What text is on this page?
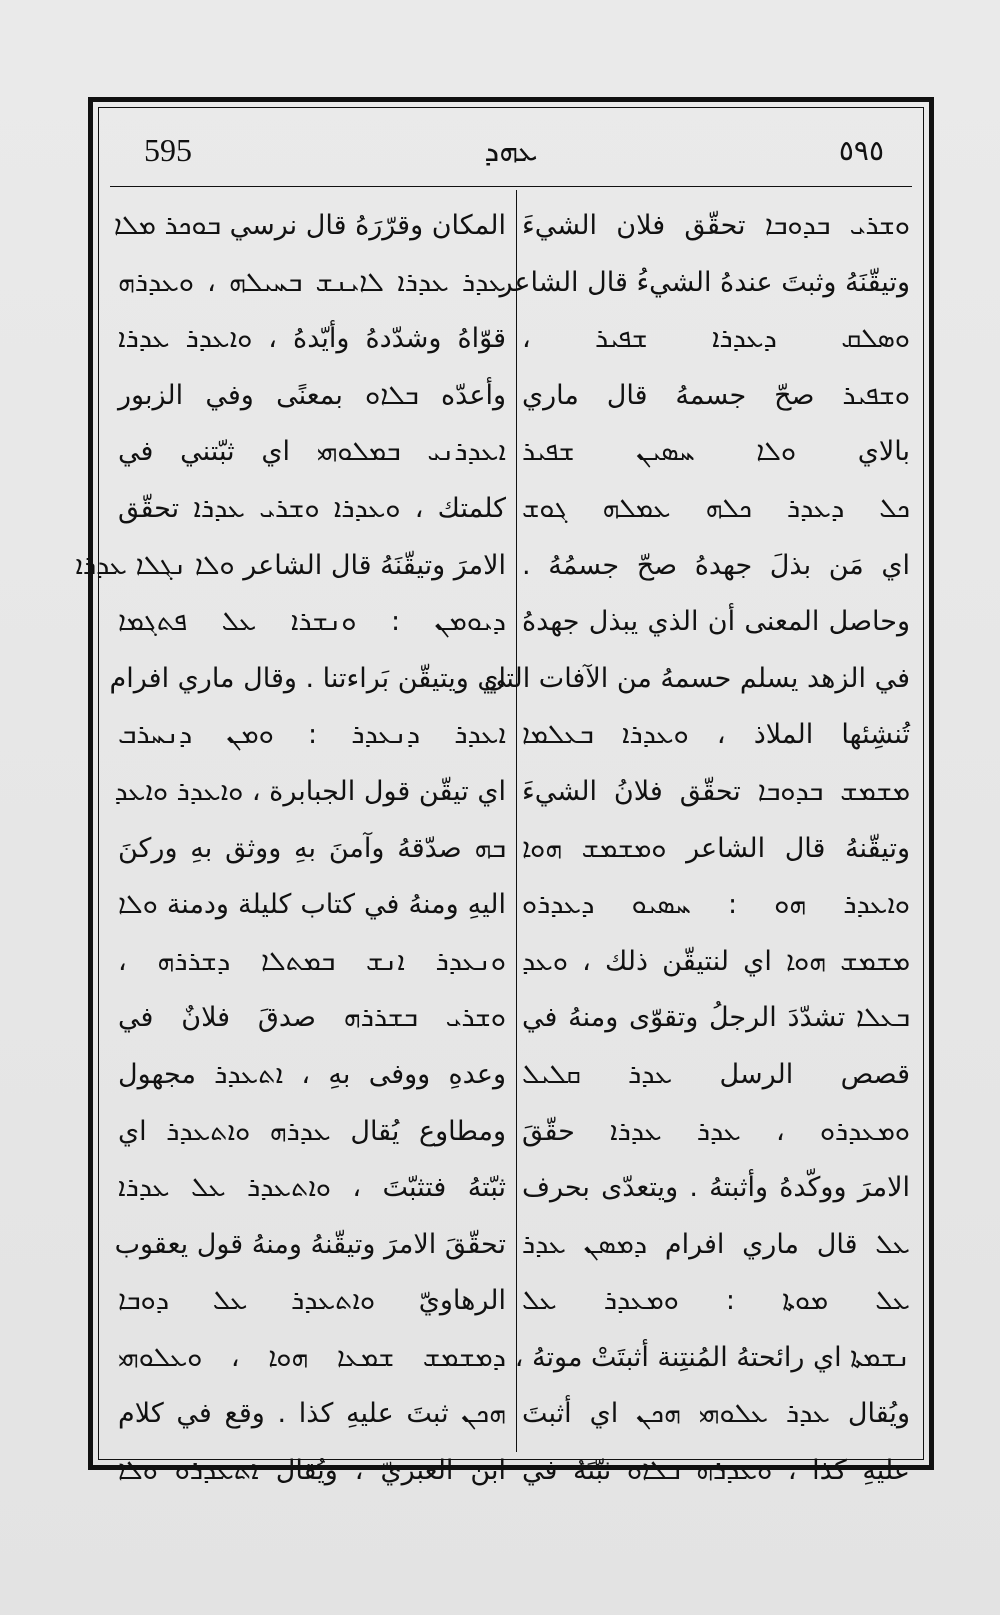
595	ܥܗܕ	٥٩٥
ܘܫܪܝ ܒܕܘܒܐ تحقّق فلان الشيءَ
وتيقّنَهُ وثبتَ عندهُ الشيءُ قال الشاعر
ܘܣܠܩ ܕܥܕܪܐ ܫܦܝܪ ،
ܘܫܦܝܪ صحّ جسمهُ قال ماري
بالاي ܘܠܐ ܚܣܝܢ ܫܦܝܪ
ܟܠ ܕܥܕܪ ܟܠܗ ܥܡܠܗ ܓܘܫ
اي مَن بذلَ جهدهُ صحّ جسمُهُ .
وحاصل المعنى أن الذي يبذل جهدهُ
في الزهد يسلم حسمهُ من الآفات التي
تُنشِئها الملاذ ، ܘܥܕܪܐ ܒܥܠܡܐ
ܡܫܡܫ ܒܕܘܒܐ تحقّق فلانُ الشيءَ
وتيقّنهُ قال الشاعر ܘܡܫܡܫ ܗܘܐ
ܘܐܥܕܪ ܗܘ : ܚܣܝܘ ܕܥܕܪܘ
ܡܫܡܫ ܗܘܐ اي لنتيقّن ذلك ، ܘܥܕ
ܒܥܠܐ تشدّدَ الرجلُ وتقوّى ومنهُ في
قصص الرسل ܥܕܪ ܩܠܝܠ
ܘܡܥܕܪܘ ، ܥܕܪ ܥܕܪܐ حقّقَ
الامرَ ووكّدهُ وأثبتهُ . ويتعدّى بحرف
ܥܠ قال ماري افرام ܕܡܣܢ ܥܕܪ
ܥܠ ܡܘܬܐ : ܘܡܥܕܪ ܥܠ
ܢܫܡܬܐ اي رائحتهُ المُنتِنة أثبتَتْ موتهُ ،
ويُقال ܥܕܪ ܥܠܘܗܝ ܗܟܢ اي أثبتَ
عليهِ كذا ، ܘܥܕܪܗ ܒܠܐܘ ثبّتَهُ في
المكان وقرّرَهُ قال نرسي ܒܘܟܪ ܡܠܐ
ܥܕܪ ܥܕܪܐ ܠܐܝܢܫ ܒܚܝܠܗ ، ܘܥܕܪܗ
قوّاهُ وشدّدهُ وأيّدهُ ، ܘܐܥܕܪ ܥܕܪܐ
وأعدّه ܒܠܐܘ بمعنًى وفي الزبور
ܐܥܕܪܢܝ ܒܡܠܘܗܝ اي ثبّتني في
كلمتك ، ܘܥܕܪܐ ܘܫܪܝ ܥܕܪܐ تحقّق
الامرَ وتيقّنَهُ قال الشاعر ܘܠܐ ܢܓܠܐ ܥܕܪܐ
ܕܝܘܡܢ : ܘܢܫܪܐ ܥܠ ܦܬܓܡܐ
اي ويتيقّن بَراءتنا . وقال ماري افرام
ܐܥܕܪ ܕܢܥܕܪ : ܘܡܢ ܕܢܚܪܒ
اي تيقّن قول الجبابرة ، ܘܐܥܕܪ ܘܐܥܕ
ܒܗ صدّقهُ وآمنَ بهِ ووثق بهِ وركنَ
اليهِ ومنهُ في كتاب كليلة ودمنة ܘܠܐ
ܘܢܥܕܪ ܐܢܫ ܒܡܬܠܐ ܕܫܪܪܗ ،
ܘܫܪܝ ܒܫܪܪܗ صدقَ فلانٌ في
وعدهِ ووفى بهِ ، ܐܬܥܕܪ مجهول
ومطاوع يُقال ܥܕܪܗ ܘܐܬܥܕܪ اي
ثبّتهُ فتثبّتَ ، ܘܐܬܥܕܪ ܥܠ ܥܕܪܐ
تحقّقَ الامرَ وتيقّنهُ ومنهُ قول يعقوب
الرهاويّ ܘܐܬܥܕܪ ܥܠ ܕܘܒܐ
ܕܡܫܡܫ ܫܡܥܐ ܗܘܐ ، ܘܥܠܘܗܝ
ܗܟܢ ثبتَ عليهِ كذا . وقع في كلام
ابن العبريّ ، ويُقال ܐܬܥܕܪܘ ܘܠܐ
